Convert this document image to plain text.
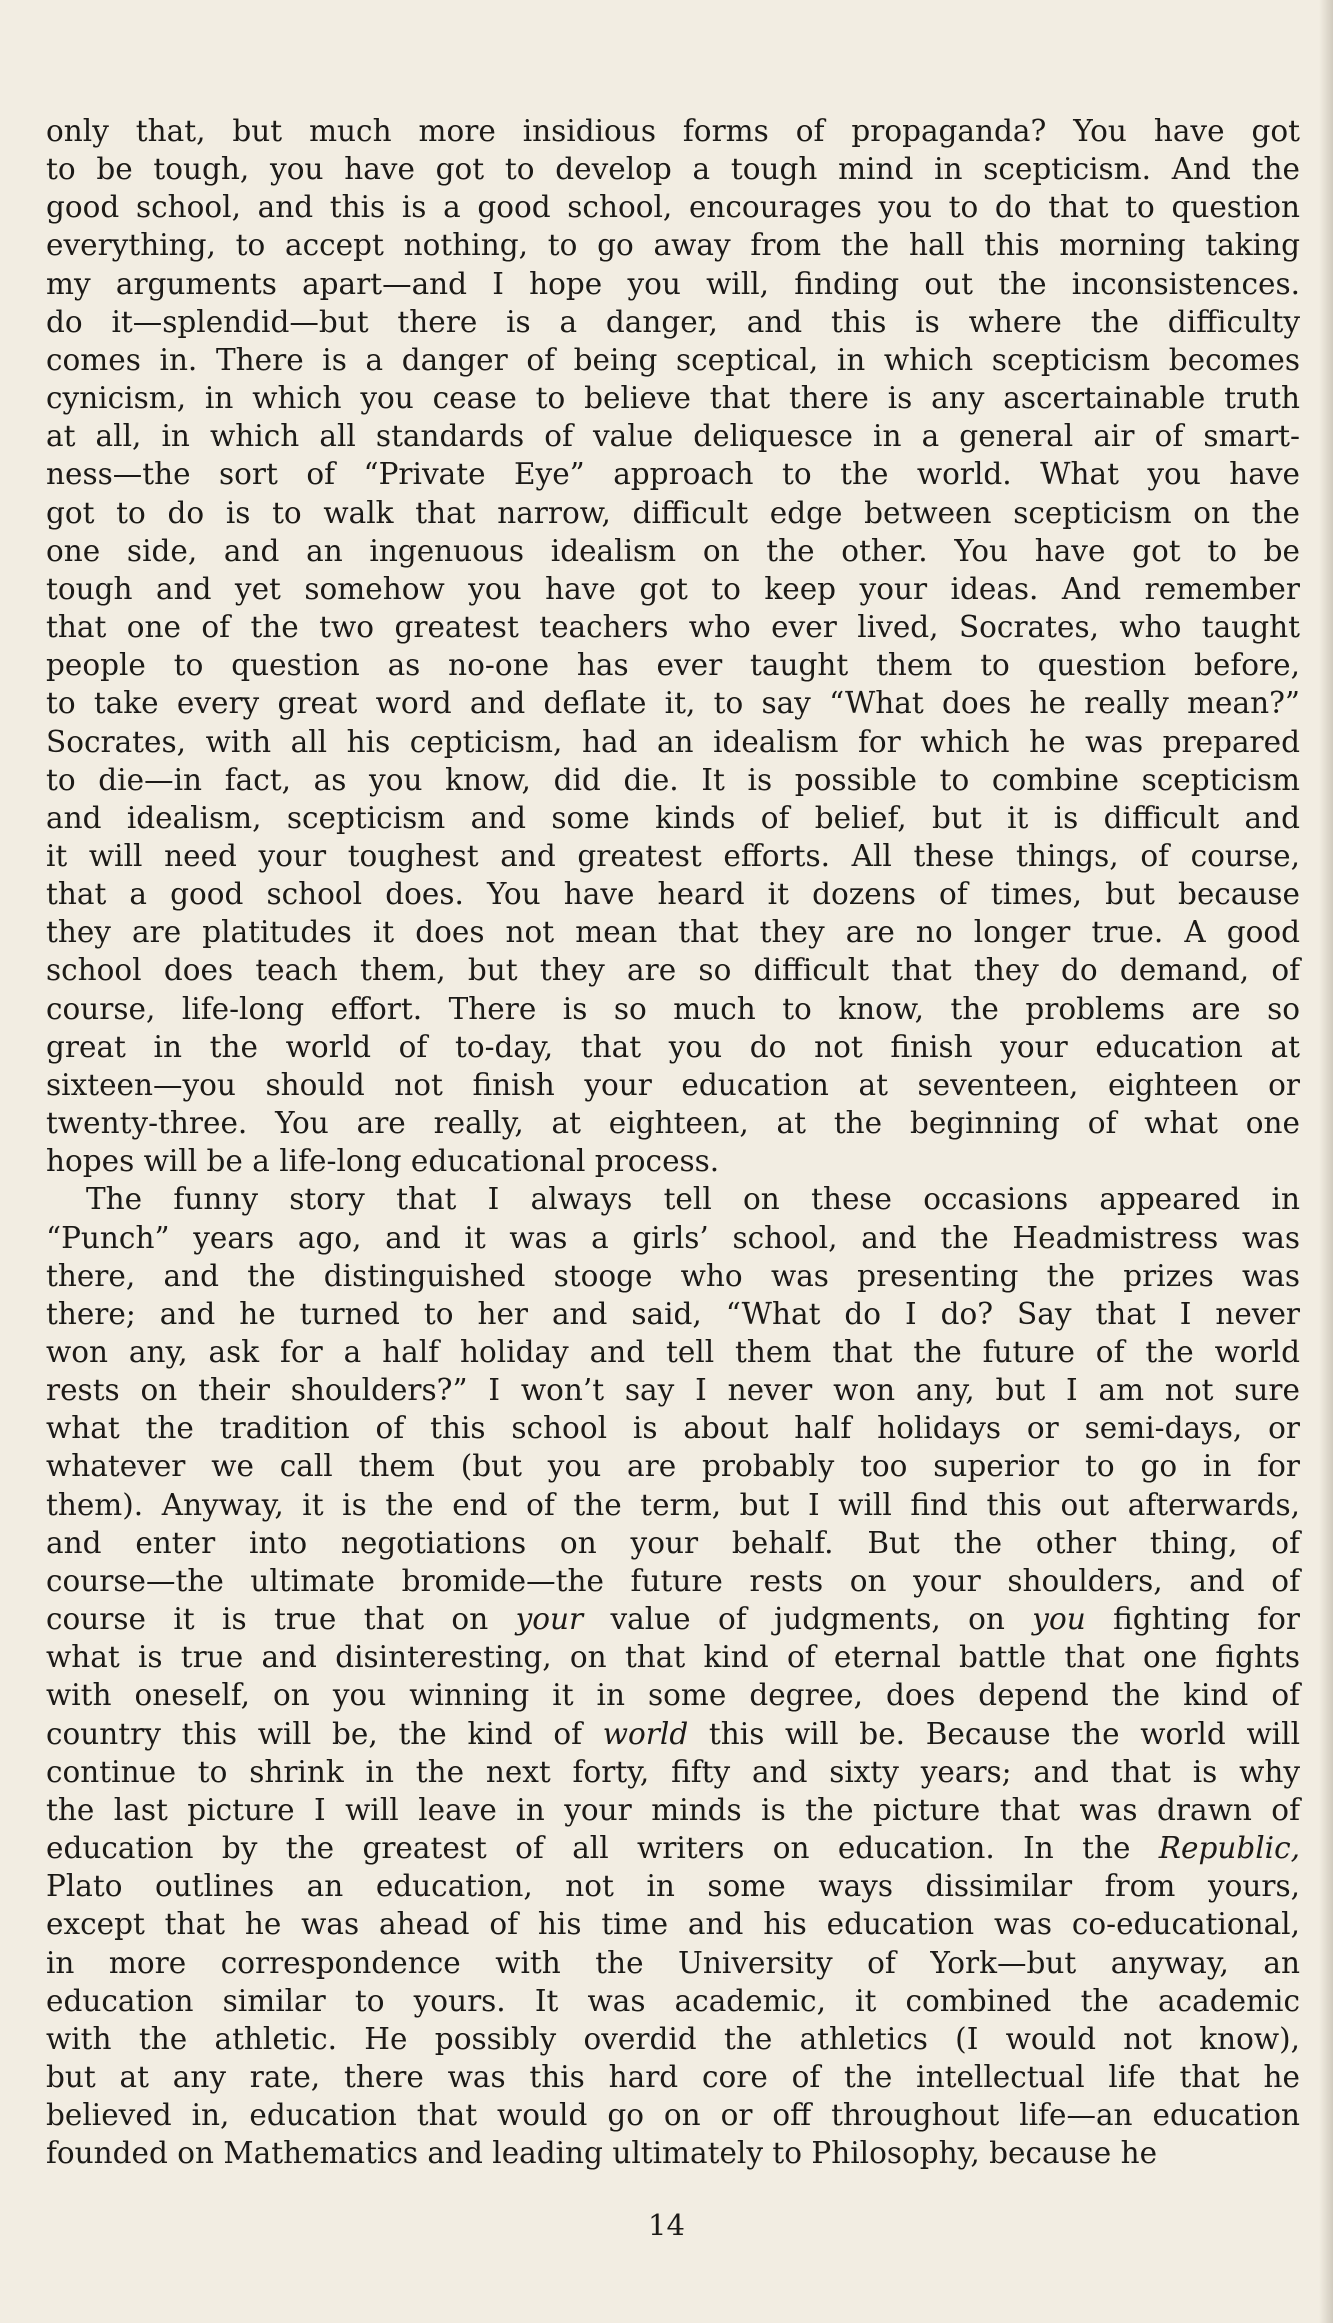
only that, but much more insidious forms of propaganda? You have got
to be tough, you have got to develop a tough mind in scepticism. And the
good school, and this is a good school, encourages you to do that to question
everything, to accept nothing, to go away from the hall this morning taking
my arguments apart—and I hope you will, finding out the inconsistences.
do it—splendid—but there is a danger, and this is where the difficulty
comes in. There is a danger of being sceptical, in which scepticism becomes
cynicism, in which you cease to believe that there is any ascertainable truth
at all, in which all standards of value deliquesce in a general air of smart-
ness—the sort of “Private Eye” approach to the world. What you have
got to do is to walk that narrow, difficult edge between scepticism on the
one side, and an ingenuous idealism on the other. You have got to be
tough and yet somehow you have got to keep your ideas. And remember
that one of the two greatest teachers who ever lived, Socrates, who taught
people to question as no-one has ever taught them to question before,
to take every great word and deflate it, to say “What does he really mean?”
Socrates, with all his cepticism, had an idealism for which he was prepared
to die—in fact, as you know, did die. It is possible to combine scepticism
and idealism, scepticism and some kinds of belief, but it is difficult and
it will need your toughest and greatest efforts. All these things, of course,
that a good school does. You have heard it dozens of times, but because
they are platitudes it does not mean that they are no longer true. A good
school does teach them, but they are so difficult that they do demand, of
course, life-long effort. There is so much to know, the problems are so
great in the world of to-day, that you do not finish your education at
sixteen—you should not finish your education at seventeen, eighteen or
twenty-three. You are really, at eighteen, at the beginning of what one
hopes will be a life-long educational process.
The funny story that I always tell on these occasions appeared in
“Punch” years ago, and it was a girls’ school, and the Headmistress was
there, and the distinguished stooge who was presenting the prizes was
there; and he turned to her and said, “What do I do? Say that I never
won any, ask for a half holiday and tell them that the future of the world
rests on their shoulders?” I won’t say I never won any, but I am not sure
what the tradition of this school is about half holidays or semi-days, or
whatever we call them (but you are probably too superior to go in for
them). Anyway, it is the end of the term, but I will find this out afterwards,
and enter into negotiations on your behalf. But the other thing, of
course—the ultimate bromide—the future rests on your shoulders, and of
course it is true that on your value of judgments, on you fighting for
what is true and disinteresting, on that kind of eternal battle that one fights
with oneself, on you winning it in some degree, does depend the kind of
country this will be, the kind of world this will be. Because the world will
continue to shrink in the next forty, fifty and sixty years; and that is why
the last picture I will leave in your minds is the picture that was drawn of
education by the greatest of all writers on education. In the Republic,
Plato outlines an education, not in some ways dissimilar from yours,
except that he was ahead of his time and his education was co-educational,
in more correspondence with the University of York—but anyway, an
education similar to yours. It was academic, it combined the academic
with the athletic. He possibly overdid the athletics (I would not know),
but at any rate, there was this hard core of the intellectual life that he
believed in, education that would go on or off throughout life—an education
founded on Mathematics and leading ultimately to Philosophy, because he
14
